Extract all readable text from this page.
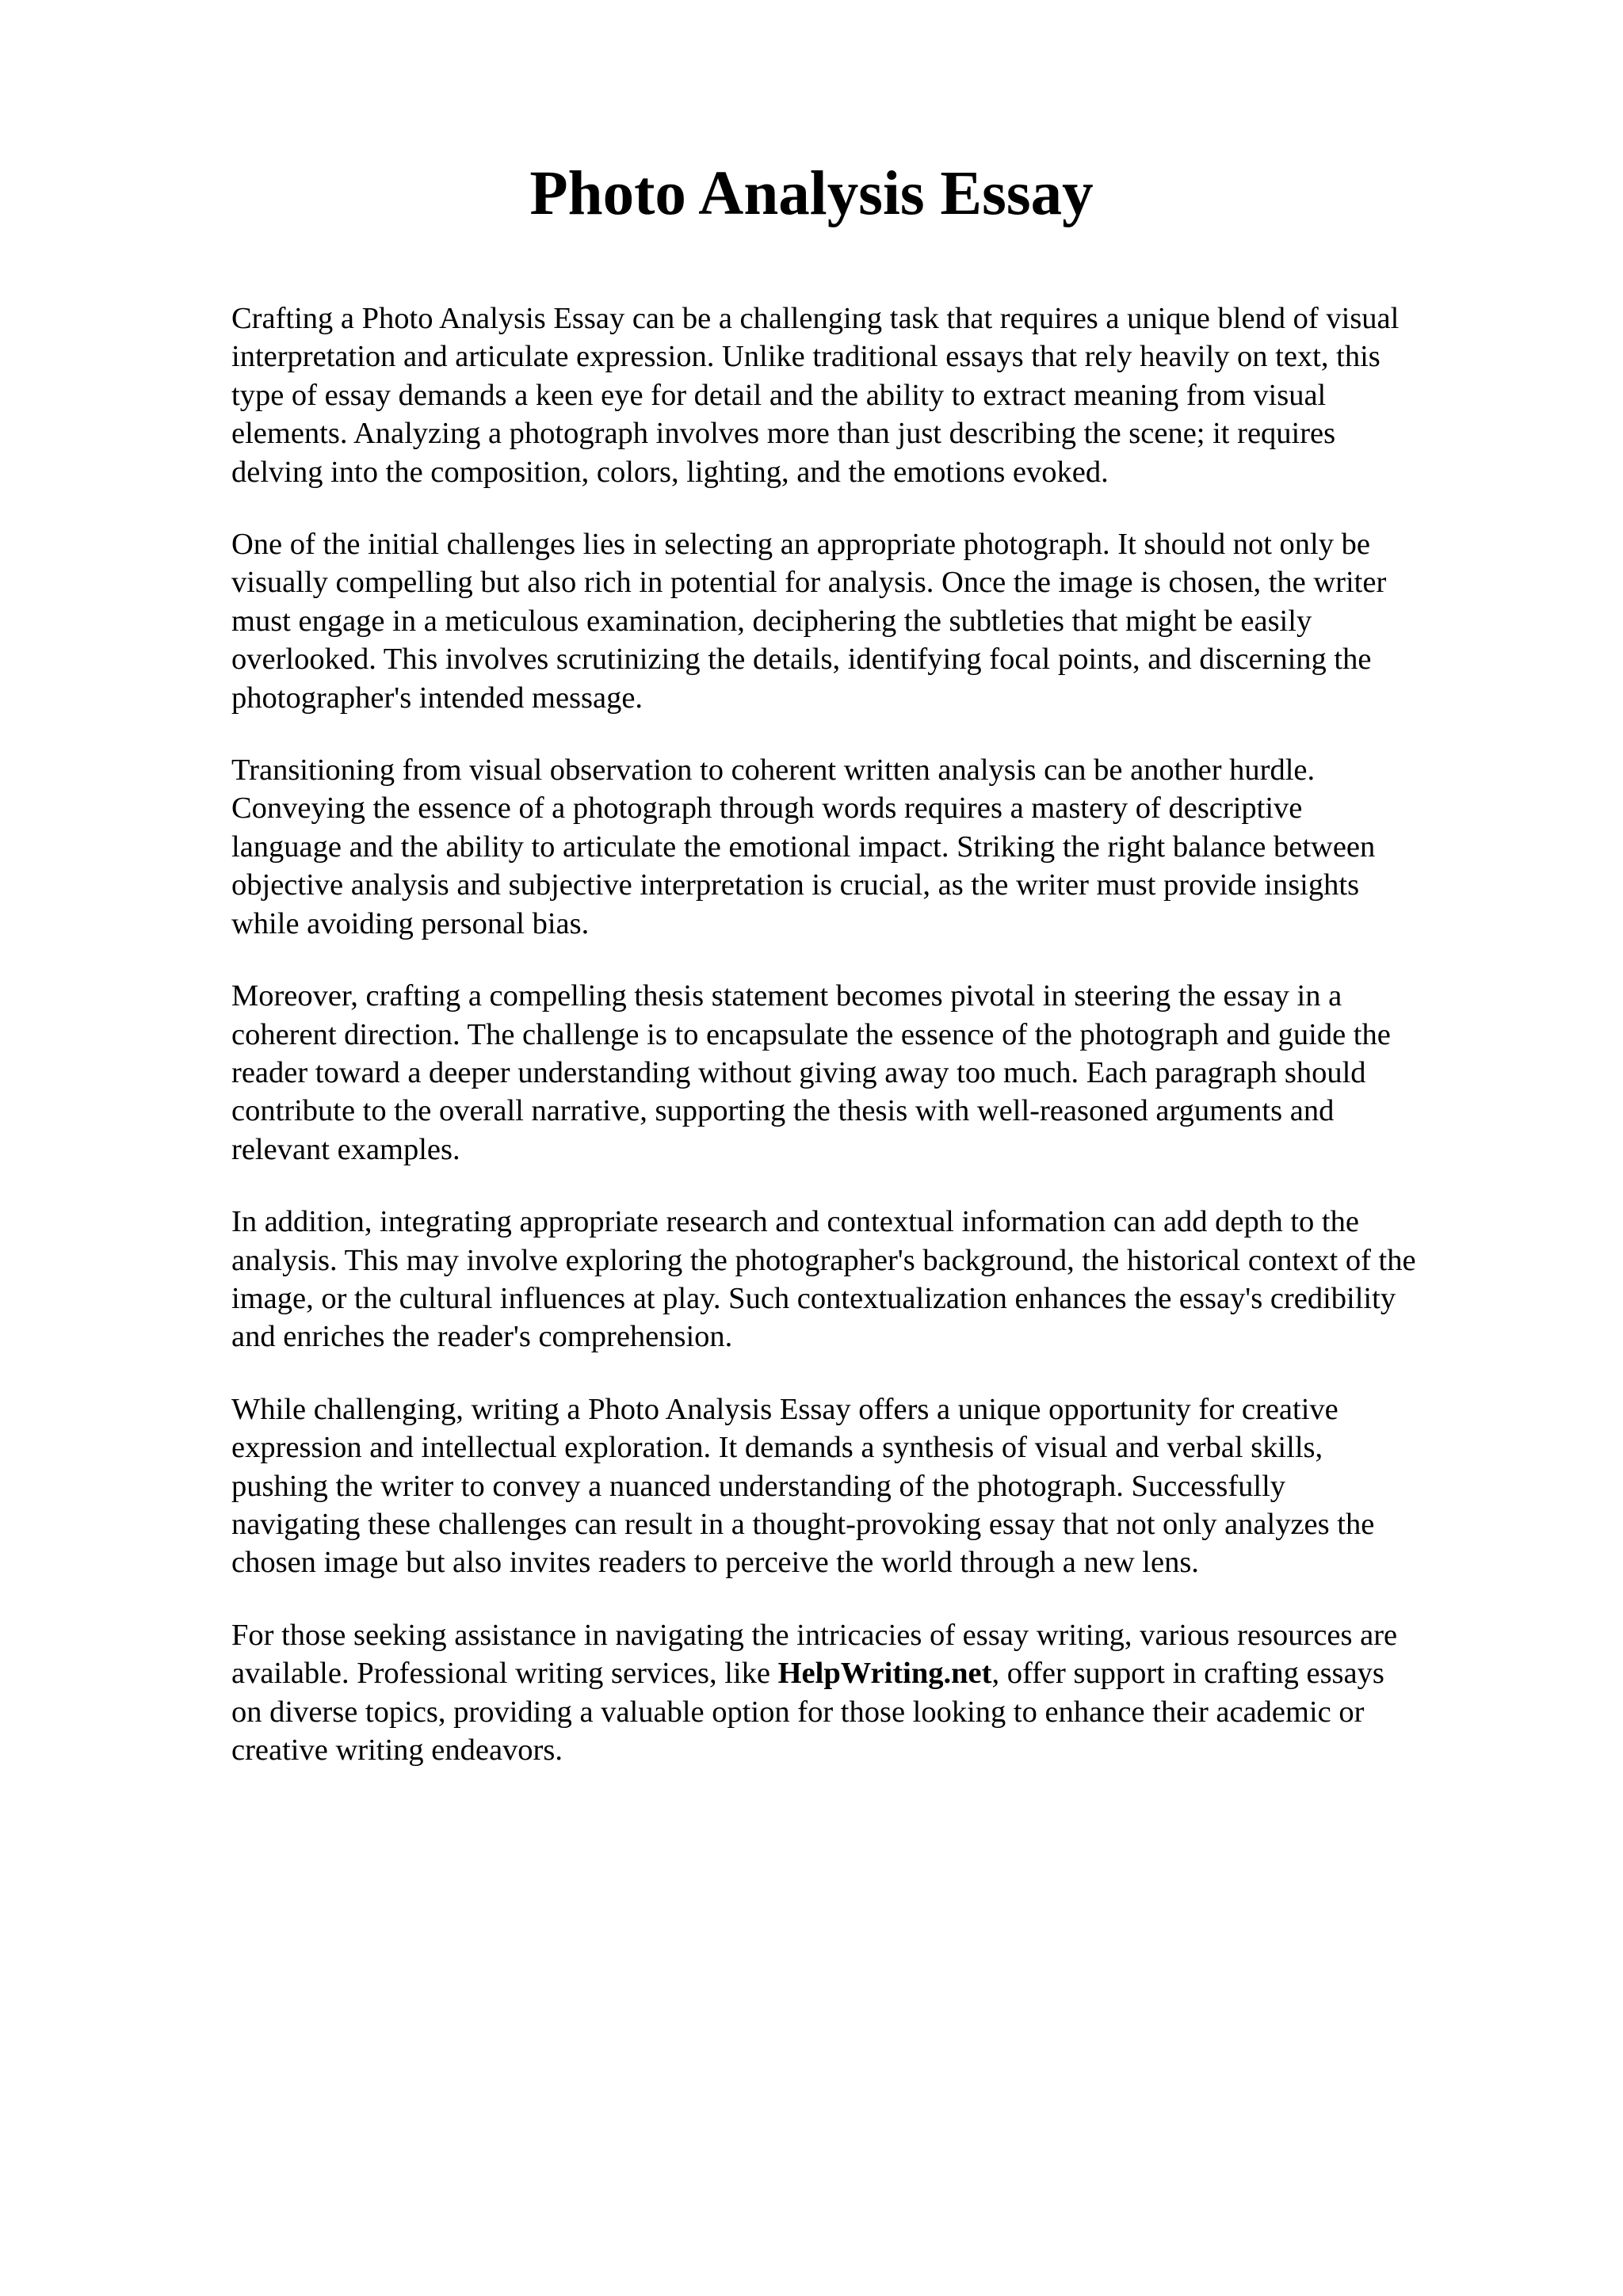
Photo Analysis Essay
Crafting a Photo Analysis Essay can be a challenging task that requires a unique blend of visual
interpretation and articulate expression. Unlike traditional essays that rely heavily on text, this
type of essay demands a keen eye for detail and the ability to extract meaning from visual
elements. Analyzing a photograph involves more than just describing the scene; it requires
delving into the composition, colors, lighting, and the emotions evoked.
One of the initial challenges lies in selecting an appropriate photograph. It should not only be
visually compelling but also rich in potential for analysis. Once the image is chosen, the writer
must engage in a meticulous examination, deciphering the subtleties that might be easily
overlooked. This involves scrutinizing the details, identifying focal points, and discerning the
photographer's intended message.
Transitioning from visual observation to coherent written analysis can be another hurdle.
Conveying the essence of a photograph through words requires a mastery of descriptive
language and the ability to articulate the emotional impact. Striking the right balance between
objective analysis and subjective interpretation is crucial, as the writer must provide insights
while avoiding personal bias.
Moreover, crafting a compelling thesis statement becomes pivotal in steering the essay in a
coherent direction. The challenge is to encapsulate the essence of the photograph and guide the
reader toward a deeper understanding without giving away too much. Each paragraph should
contribute to the overall narrative, supporting the thesis with well-reasoned arguments and
relevant examples.
In addition, integrating appropriate research and contextual information can add depth to the
analysis. This may involve exploring the photographer's background, the historical context of the
image, or the cultural influences at play. Such contextualization enhances the essay's credibility
and enriches the reader's comprehension.
While challenging, writing a Photo Analysis Essay offers a unique opportunity for creative
expression and intellectual exploration. It demands a synthesis of visual and verbal skills,
pushing the writer to convey a nuanced understanding of the photograph. Successfully
navigating these challenges can result in a thought-provoking essay that not only analyzes the
chosen image but also invites readers to perceive the world through a new lens.
For those seeking assistance in navigating the intricacies of essay writing, various resources are
available. Professional writing services, like HelpWriting.net, offer support in crafting essays
on diverse topics, providing a valuable option for those looking to enhance their academic or
creative writing endeavors.
